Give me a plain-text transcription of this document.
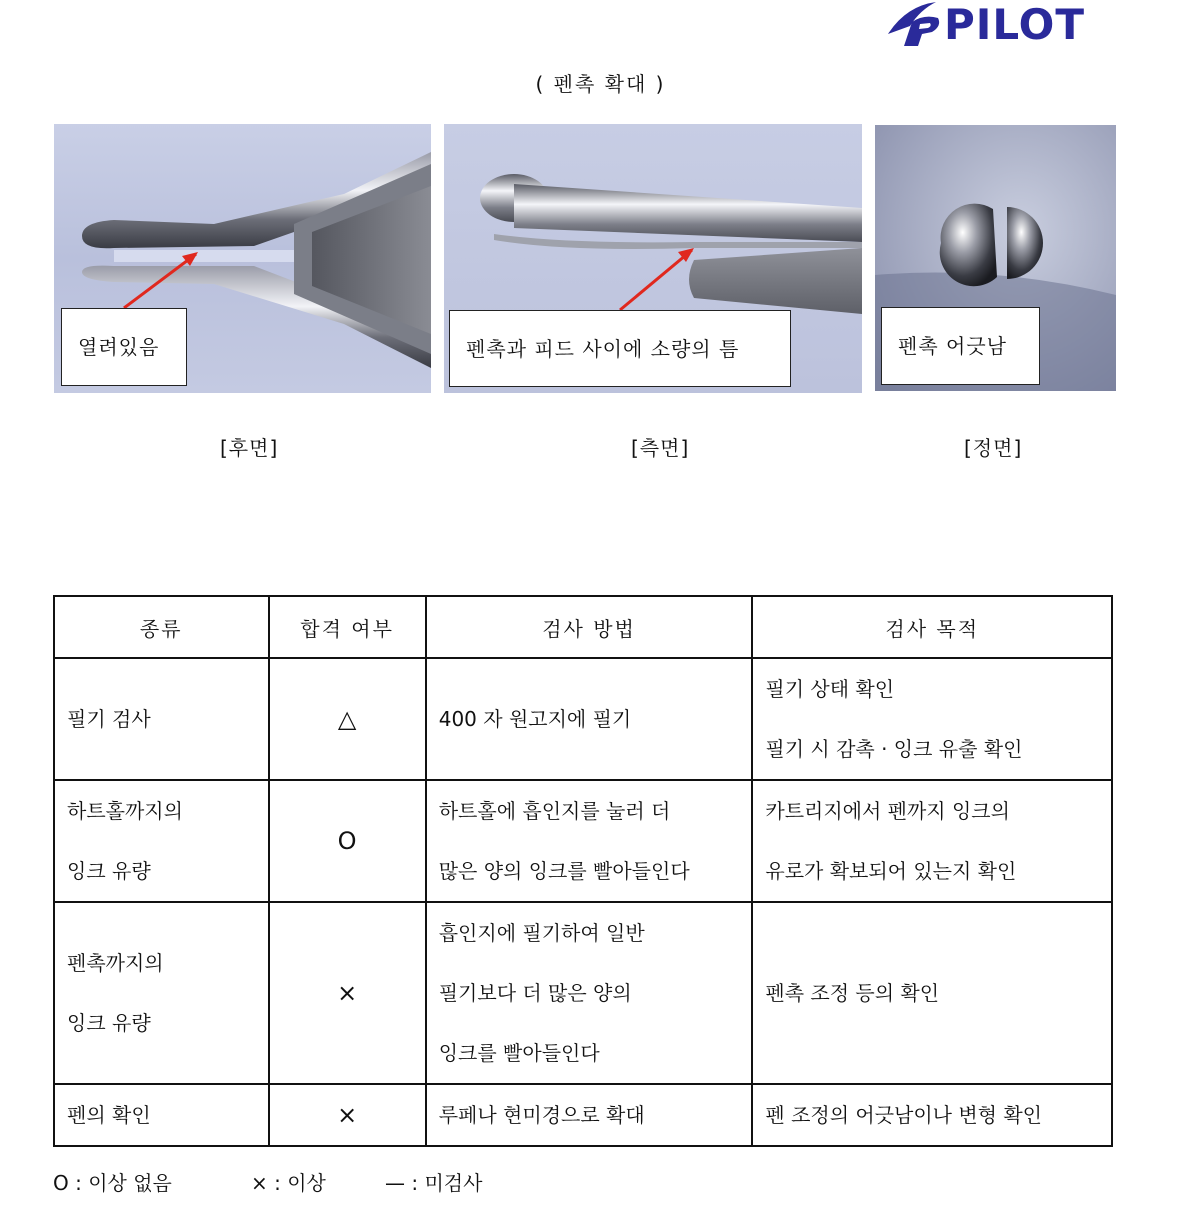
PILOT
( 펜촉 확대 )
열려있음	펜촉과 피드 사이에 소량의 틈	펜촉 어긋남
[후면]	[측면]	[정면]
종류	합격 여부	검사 방법	검사 목적

필기 검사	△	400 자 원고지에 필기	필기 상태 확인
필기 시 감촉 · 잉크 유출 확인

하트홀까지의
잉크 유량	O	하트홀에 흡인지를 눌러 더
많은 양의 잉크를 빨아들인다	카트리지에서 펜까지 잉크의
유로가 확보되어 있는지 확인

펜촉까지의
잉크 유량	×	흡인지에 필기하여 일반
필기보다 더 많은 양의
잉크를 빨아들인다	펜촉 조정 등의 확인

펜의 확인	×	루페나 현미경으로 확대	펜 조정의 어긋남이나 변형 확인
O : 이상 없음	× : 이상	— : 미검사
